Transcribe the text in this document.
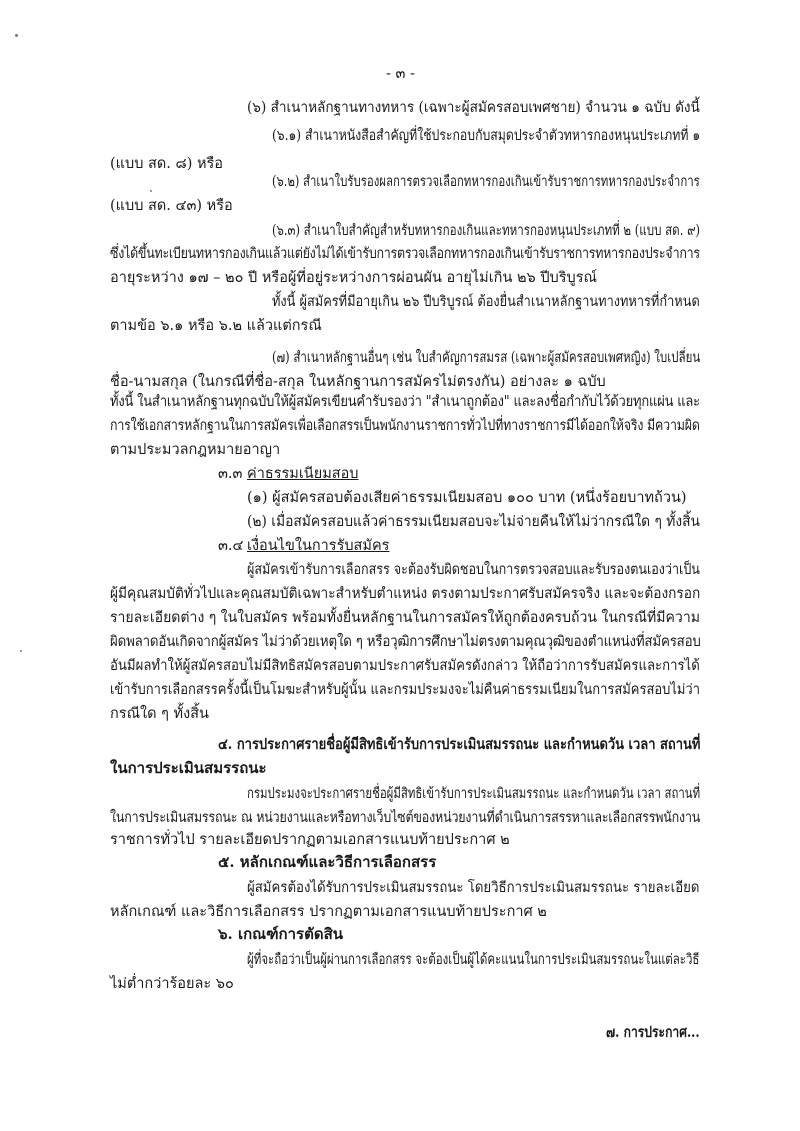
- ๓ -
(๖) สำเนาหลักฐานทางทหาร (เฉพาะผู้สมัครสอบเพศชาย) จำนวน ๑ ฉบับ ดังนี้
(๖.๑) สำเนาหนังสือสำคัญที่ใช้ประกอบกับสมุดประจำตัวทหารกองหนุนประเภทที่ ๑
(แบบ สด. ๘) หรือ
(๖.๒) สำเนาใบรับรองผลการตรวจเลือกทหารกองเกินเข้ารับราชการทหารกองประจำการ
(แบบ สด. ๔๓) หรือ
(๖.๓) สำเนาใบสำคัญสำหรับทหารกองเกินและทหารกองหนุนประเภทที่ ๒ (แบบ สด. ๙)
ซึ่งได้ขึ้นทะเบียนทหารกองเกินแล้วแต่ยังไม่ได้เข้ารับการตรวจเลือกทหารกองเกินเข้ารับราชการทหารกองประจำการ
อายุระหว่าง ๑๗ – ๒๐ ปี หรือผู้ที่อยู่ระหว่างการผ่อนผัน อายุไม่เกิน ๒๖ ปีบริบูรณ์
ทั้งนี้ ผู้สมัครที่มีอายุเกิน ๒๖ ปีบริบูรณ์ ต้องยื่นสำเนาหลักฐานทางทหารที่กำหนด
ตามข้อ ๖.๑ หรือ ๖.๒ แล้วแต่กรณี
(๗) สำเนาหลักฐานอื่นๆ เช่น ใบสำคัญการสมรส (เฉพาะผู้สมัครสอบเพศหญิง) ใบเปลี่ยน
ชื่อ-นามสกุล (ในกรณีที่ชื่อ-สกุล ในหลักฐานการสมัครไม่ตรงกัน) อย่างละ ๑ ฉบับ
ทั้งนี้ ในสำเนาหลักฐานทุกฉบับให้ผู้สมัครเขียนคำรับรองว่า "สำเนาถูกต้อง" และลงชื่อกำกับไว้ด้วยทุกแผ่น และ
การใช้เอกสารหลักฐานในการสมัครเพื่อเลือกสรรเป็นพนักงานราชการทั่วไปที่ทางราชการมีได้ออกให้จริง มีความผิด
ตามประมวลกฎหมายอาญา
๓.๓ ค่าธรรมเนียมสอบ
(๑) ผู้สมัครสอบต้องเสียค่าธรรมเนียมสอบ ๑๐๐ บาท (หนึ่งร้อยบาทถ้วน)
(๒) เมื่อสมัครสอบแล้วค่าธรรมเนียมสอบจะไม่จ่ายคืนให้ไม่ว่ากรณีใด ๆ ทั้งสิ้น
๓.๔ เงื่อนไขในการรับสมัคร
ผู้สมัครเข้ารับการเลือกสรร จะต้องรับผิดชอบในการตรวจสอบและรับรองตนเองว่าเป็น
ผู้มีคุณสมบัติทั่วไปและคุณสมบัติเฉพาะสำหรับตำแหน่ง ตรงตามประกาศรับสมัครจริง และจะต้องกรอก
รายละเอียดต่าง ๆ ในใบสมัคร พร้อมทั้งยื่นหลักฐานในการสมัครให้ถูกต้องครบถ้วน ในกรณีที่มีความ
ผิดพลาดอันเกิดจากผู้สมัคร ไม่ว่าด้วยเหตุใด ๆ หรือวุฒิการศึกษาไม่ตรงตามคุณวุฒิของตำแหน่งที่สมัครสอบ
อันมีผลทำให้ผู้สมัครสอบไม่มีสิทธิสมัครสอบตามประกาศรับสมัครดังกล่าว ให้ถือว่าการรับสมัครและการได้
เข้ารับการเลือกสรรครั้งนี้เป็นโมฆะสำหรับผู้นั้น และกรมประมงจะไม่คืนค่าธรรมเนียมในการสมัครสอบไม่ว่า
กรณีใด ๆ ทั้งสิ้น
๔. การประกาศรายชื่อผู้มีสิทธิเข้ารับการประเมินสมรรถนะ และกำหนดวัน เวลา สถานที่
ในการประเมินสมรรถนะ
กรมประมงจะประกาศรายชื่อผู้มีสิทธิเข้ารับการประเมินสมรรถนะ และกำหนดวัน เวลา สถานที่
ในการประเมินสมรรถนะ ณ หน่วยงานและหรือทางเว็บไซต์ของหน่วยงานที่ดำเนินการสรรหาและเลือกสรรพนักงาน
ราชการทั่วไป รายละเอียดปรากฏตามเอกสารแนบท้ายประกาศ ๒
๕. หลักเกณฑ์และวิธีการเลือกสรร
ผู้สมัครต้องได้รับการประเมินสมรรถนะ โดยวิธีการประเมินสมรรถนะ รายละเอียด
หลักเกณฑ์ และวิธีการเลือกสรร ปรากฏตามเอกสารแนบท้ายประกาศ ๒
๖. เกณฑ์การตัดสิน
ผู้ที่จะถือว่าเป็นผู้ผ่านการเลือกสรร จะต้องเป็นผู้ได้คะแนนในการประเมินสมรรถนะในแต่ละวิธี
ไม่ต่ำกว่าร้อยละ ๖๐
๗. การประกาศ...
